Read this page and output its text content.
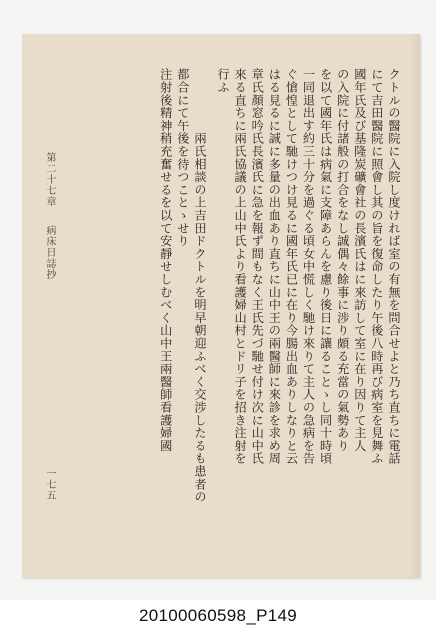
クトルの醫院に入院し度ければ室の有無を問合せよと乃ち直ちに電話
にて吉田醫院に照會し其の旨を復命したり午後八時再び病室を見舞ふ
國年氏及び基隆炭礦會社の長濱氏はに來訪して室に在り因りて主人
の入院に付諸般の打合をなし誠偶々餘事に涉り頗る充當の氣勢あり
を以て國年氏は病氣に支障あらんを慮り後日に讓ることゝし同十時頃
一同退出す約三十分を過ぐる頃女中慌しく馳け來りて主人の急病を告
ぐ愴惶として馳けつけ見るに國年氏已に在り今腸出血ありしなりと云
はる見るに誠に多量の出血あり直ちに山中王の兩醫師に來診を求め周
章氏顏窓吟氏長濱氏に急を報ず間もなく王氏先づ馳せ付け次に山中氏
來る直ちに兩氏協議の上山中氏より看護婦山村とドリ子を招き注射を
行ふ
　　　　　兩氏相談の上吉田ドクトルを明早朝迎ふべく交涉したるも患者の
都合にて午後を待つことゝせり
注射後精神稍充奮せるを以て安靜せしむべく山中王兩醫師看護婦國
第二十七章病床日誌抄
一七五
20100060598_P149
